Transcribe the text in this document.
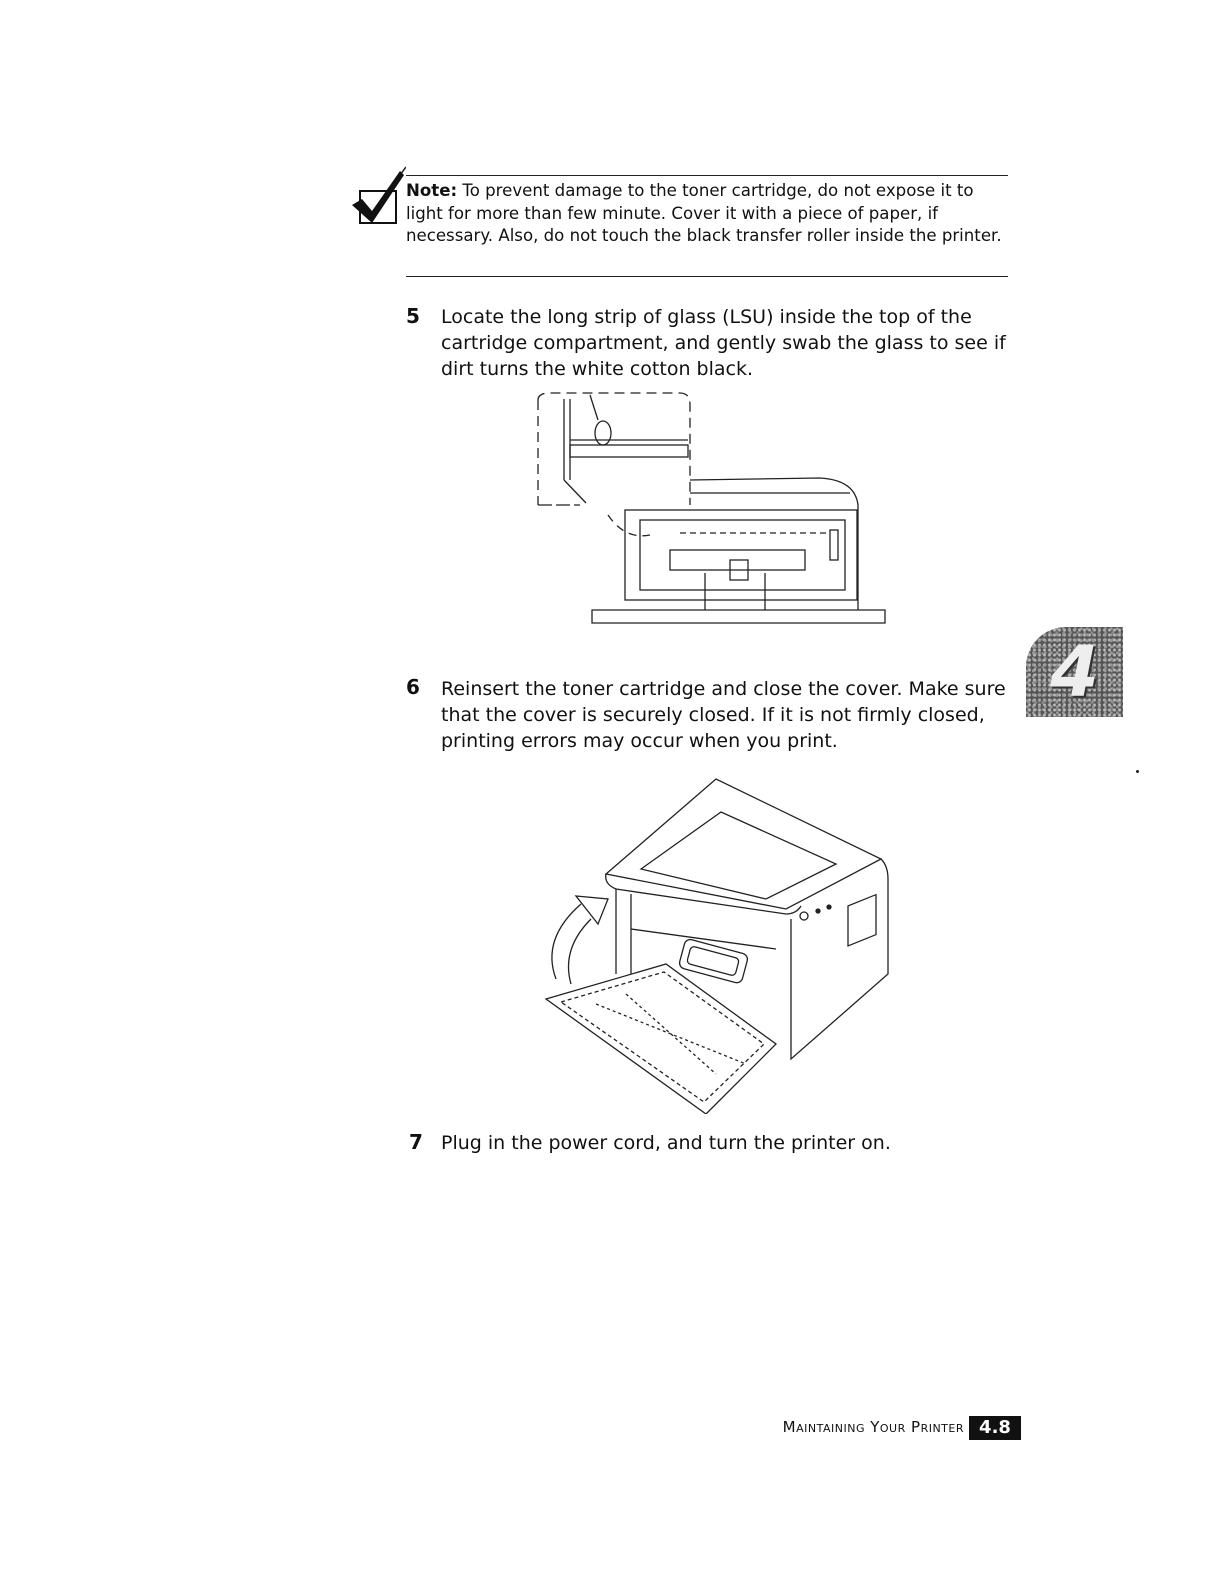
Note: To prevent damage to the toner cartridge, do not expose it to light for more than few minute. Cover it with a piece of paper, if necessary. Also, do not touch the black transfer roller inside the printer.
5 Locate the long strip of glass (LSU) inside the top of the cartridge compartment, and gently swab the glass to see if dirt turns the white cotton black.
6 Reinsert the toner cartridge and close the cover. Make sure that the cover is securely closed. If it is not firmly closed, printing errors may occur when you print.
4
7 Plug in the power cord, and turn the printer on.
Maintaining Your Printer 4.8
